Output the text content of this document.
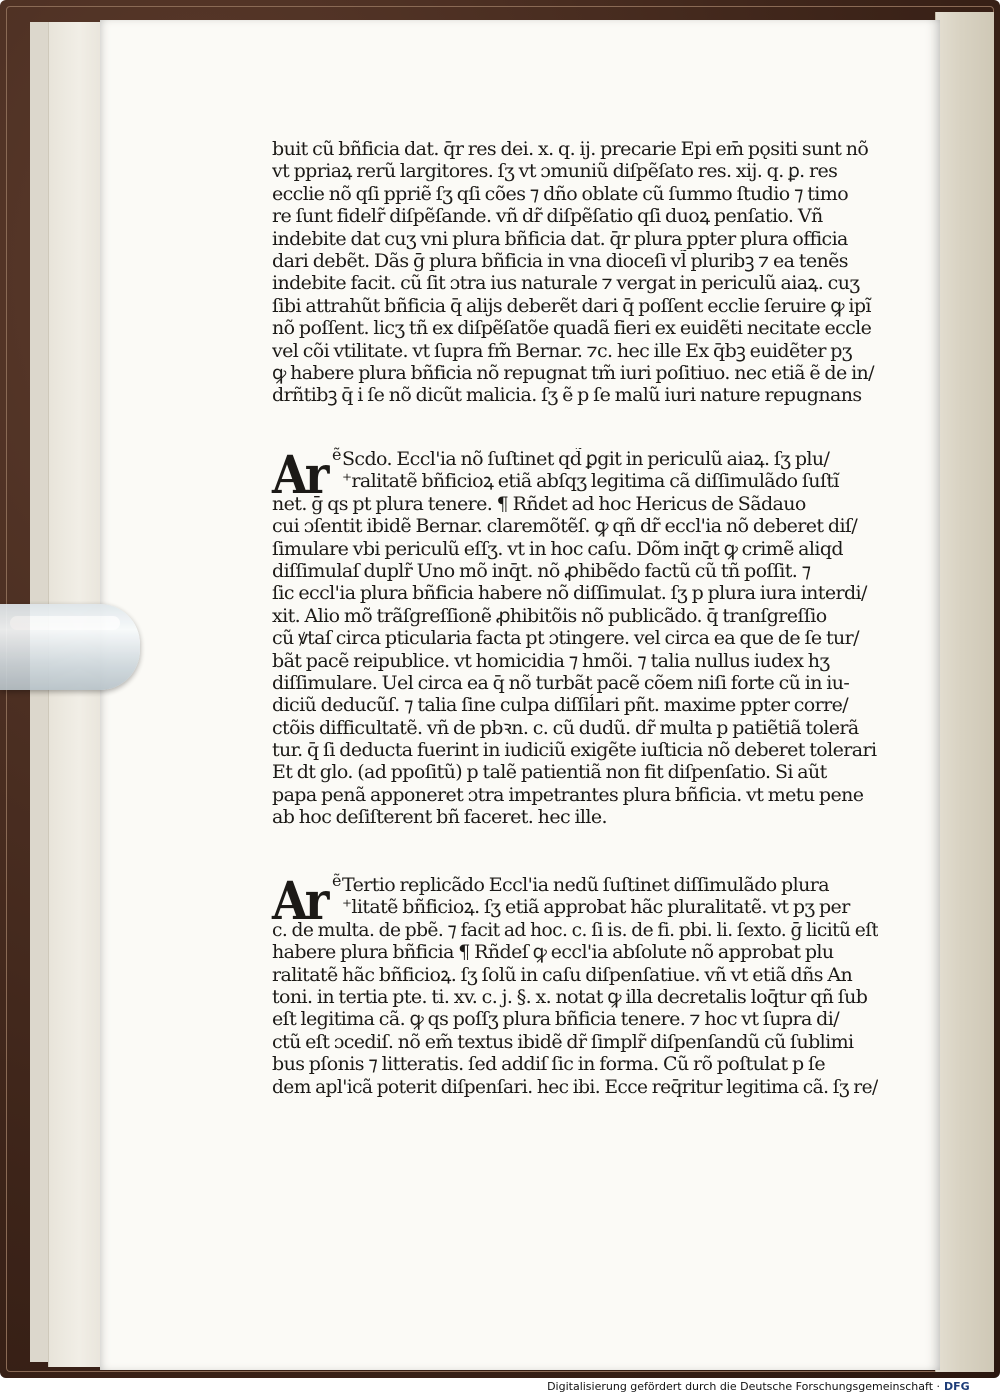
buit cũ bñficia dat. q̄r res dei. x. q. ij. precarie Epi em̄ pǫsiti sunt nõ
vt ppriaꝝ rerũ largitores. ſʒ vt ɔmuniũ diſpẽſato res. xij. q. ꝑ. res
ecclie nõ qſi ppriẽ ſʒ qſi cões ⁊ dño oblate cũ ſummo ſtudio ⁊ timo
re ſunt fidelr̃ diſpẽſande. vñ dr̃ diſpẽſatio qſi duoꝝ penſatio. Vñ
indebite dat cuʒ vni plura bñficia dat. q̄r plura ppter plura officia
dari debẽt. Dãs ḡ plura bñficia in vna dioceſi vl̃ pluribꝫ ⁊ ea tenẽs
indebite facit. cũ ſit ɔtra ius naturale ⁊ vergat in periculũ aiaꝝ. cuʒ
ſibi attrahũt bñficia q̄ alijs deberẽt dari q̄ poſſent ecclie ſeruire ꝙ ipĩ
nõ poſſent. licʒ tñ ex diſpẽſatõe quadã fieri ex euidẽti necitate eccle
vel cõi vtilitate. vt ſupra fm̃ Bernar. ⁊c. hec ille Ex q̄bꝫ euidẽter pʒ
ꝙ habere plura bñficia nõ repugnat tm̃ iuri poſitiuo. nec etiã ẽ de in/
drñtibꝫ q̄ i ſe nõ dicũt malicia. ſʒ ẽ p ſe malũ iuri nature repugnans
Ar ẽ Scdo. Eccl'ia nõ ſuſtinet qd̃ ꝑgit in periculũ aiaꝝ. ſʒ plu/
⁺ralitatẽ bñficioꝝ etiã abſqʒ legitima cã diſſimulãdo ſuſtĩ
net. ḡ qs pt plura tenere. ¶ Rñdet ad hoc Hericus de Sãdauo
cui ɔſentit ibidẽ Bernar. claremõtẽſ. ꝙ qñ dr̃ eccl'ia nõ deberet diſ/
ſimulare vbi periculũ eſſʒ. vt in hoc caſu. Dõm inq̄t ꝙ crimẽ aliqd
diſſimulaſ duplr̃ Uno mõ inq̄t. nõ ꝓhibẽdo factũ cũ tñ poſſit. ⁊
ſic eccl'ia plura bñficia habere nõ diſſimulat. ſʒ p plura iura interdi/
xit. Alio mõ trãſgreſſionẽ ꝓhibitõis nõ publicãdo. q̄ tranſgreſſio
cũ ꝟtaſ circa pticularia facta pt ɔtingere. vel circa ea que de ſe tur/
bãt pacẽ reipublice. vt homicidia ⁊ hmõi. ⁊ talia nullus iudex hʒ
diſſimulare. Uel circa ea q̄ nõ turbãt pacẽ cõem niſi forte cũ in iu-
diciũ deducũſ. ⁊ talia ſine culpa diſſiĺari pñt. maxime ppter corre/
ctõis difficultatẽ. vñ de pbꝛn. c. cũ dudũ. dr̃ multa p patiẽtiã tolerã
tur. q̄ ſi deducta fuerint in iudiciũ exigẽte iuſticia nõ deberet tolerari
Et dt glo. (ad ppoſitũ) p talẽ patientiã non fit diſpenſatio. Si aũt
papa penã apponeret ɔtra impetrantes plura bñficia. vt metu pene
ab hoc deſiſterent bñ faceret. hec ille.
Ar ẽ Tertio replicãdo Eccl'ia nedũ ſuſtinet diſſimulãdo plura
⁺litatẽ bñficioꝝ. ſʒ etiã approbat hãc pluralitatẽ. vt pʒ per
c. de multa. de pbẽ. ⁊ facit ad hoc. c. ſi is. de fi. pbi. li. ſexto. ḡ licitũ eſt
habere plura bñficia ¶ Rñdeſ ꝙ eccl'ia abſolute nõ approbat plu
ralitatẽ hãc bñficioꝝ. ſʒ ſolũ in caſu diſpenſatiue. vñ vt etiã dñs An
toni. in tertia pte. ti. xv. c. j. §. x. notat ꝙ illa decretalis loq̄tur qñ ſub
eſt legitima cã. ꝙ qs poſſʒ plura bñficia tenere. ⁊ hoc vt ſupra di/
ctũ eſt ɔcediſ. nõ em̃ textus ibidẽ dr̃ ſimplr̃ diſpenſandũ cũ ſublimi
bus pſonis ⁊ litteratis. ſed addiſ ſic in forma. Cũ rõ poſtulat p ſe
dem apl'icã poterit diſpenſari. hec ibi. Ecce req̄ritur legitima cã. ſʒ re/
Digitalisierung gefördert durch die Deutsche Forschungsgemeinschaft · DFG
